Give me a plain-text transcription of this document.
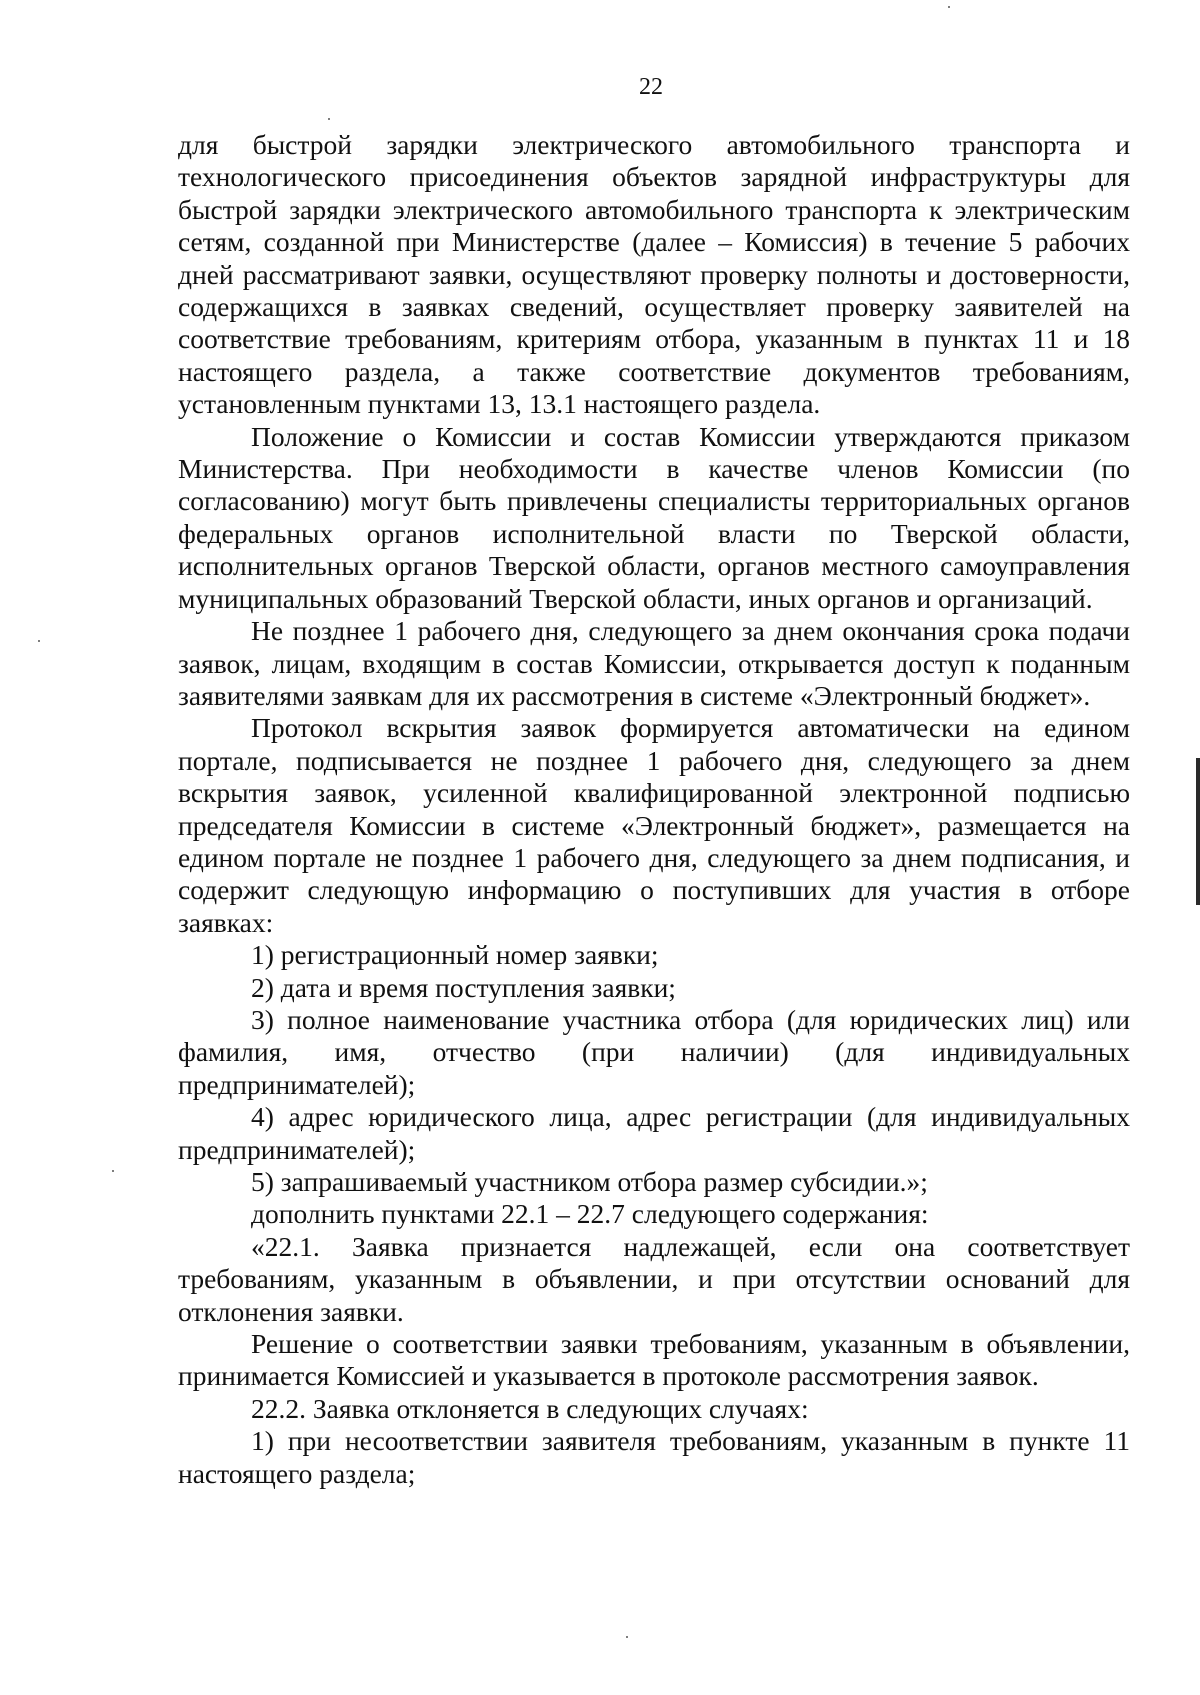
22

для быстрой зарядки электрического автомобильного транспорта и технологического присоединения объектов зарядной инфраструктуры для быстрой зарядки электрического автомобильного транспорта к электрическим сетям, созданной при Министерстве (далее – Комиссия) в течение 5 рабочих дней рассматривают заявки, осуществляют проверку полноты и достоверности, содержащихся в заявках сведений, осуществляет проверку заявителей на соответствие требованиям, критериям отбора, указанным в пунктах 11 и 18 настоящего раздела, а также соответствие документов требованиям, установленным пунктами 13, 13.1 настоящего раздела.

Положение о Комиссии и состав Комиссии утверждаются приказом Министерства. При необходимости в качестве членов Комиссии (по согласованию) могут быть привлечены специалисты территориальных органов федеральных органов исполнительной власти по Тверской области, исполнительных органов Тверской области, органов местного самоуправления муниципальных образований Тверской области, иных органов и организаций.

Не позднее 1 рабочего дня, следующего за днем окончания срока подачи заявок, лицам, входящим в состав Комиссии, открывается доступ к поданным заявителями заявкам для их рассмотрения в системе «Электронный бюджет».

Протокол вскрытия заявок формируется автоматически на едином портале, подписывается не позднее 1 рабочего дня, следующего за днем вскрытия заявок, усиленной квалифицированной электронной подписью председателя Комиссии в системе «Электронный бюджет», размещается на едином портале не позднее 1 рабочего дня, следующего за днем подписания, и содержит следующую информацию о поступивших для участия в отборе заявках:

1) регистрационный номер заявки;

2) дата и время поступления заявки;

3) полное наименование участника отбора (для юридических лиц) или фамилия, имя, отчество (при наличии) (для индивидуальных предпринимателей);

4) адрес юридического лица, адрес регистрации (для индивидуальных предпринимателей);

5) запрашиваемый участником отбора размер субсидии.»;

дополнить пунктами 22.1 – 22.7 следующего содержания:

«22.1. Заявка признается надлежащей, если она соответствует требованиям, указанным в объявлении, и при отсутствии оснований для отклонения заявки.

Решение о соответствии заявки требованиям, указанным в объявлении, принимается Комиссией и указывается в протоколе рассмотрения заявок.

22.2. Заявка отклоняется в следующих случаях:

1) при несоответствии заявителя требованиям, указанным в пункте 11 настоящего раздела;
